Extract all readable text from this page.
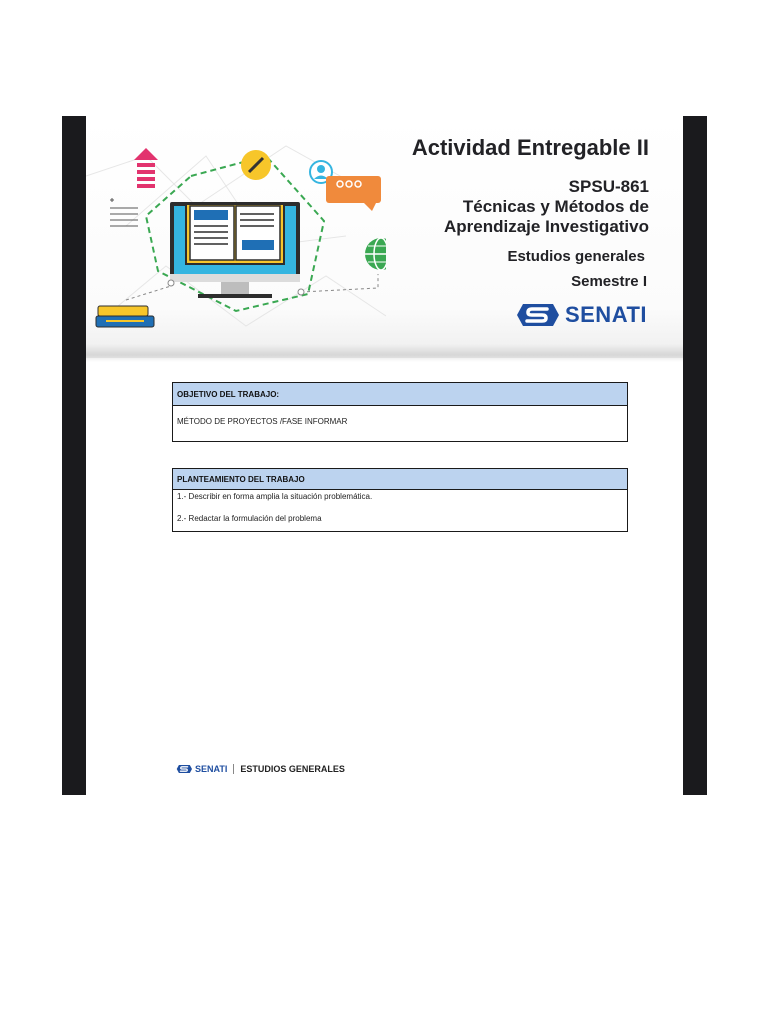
Actividad Entregable II
SPSU-861
Técnicas y Métodos de
Aprendizaje Investigativo
Estudios generales
Semestre I
SENATI
OBJETIVO DEL TRABAJO:
MÉTODO DE PROYECTOS /FASE INFORMAR
PLANTEAMIENTO DEL TRABAJO

1.- Describir en forma amplia la situación problemática.

2.- Redactar la formulación del problema

SENATI ESTUDIOS GENERALES
